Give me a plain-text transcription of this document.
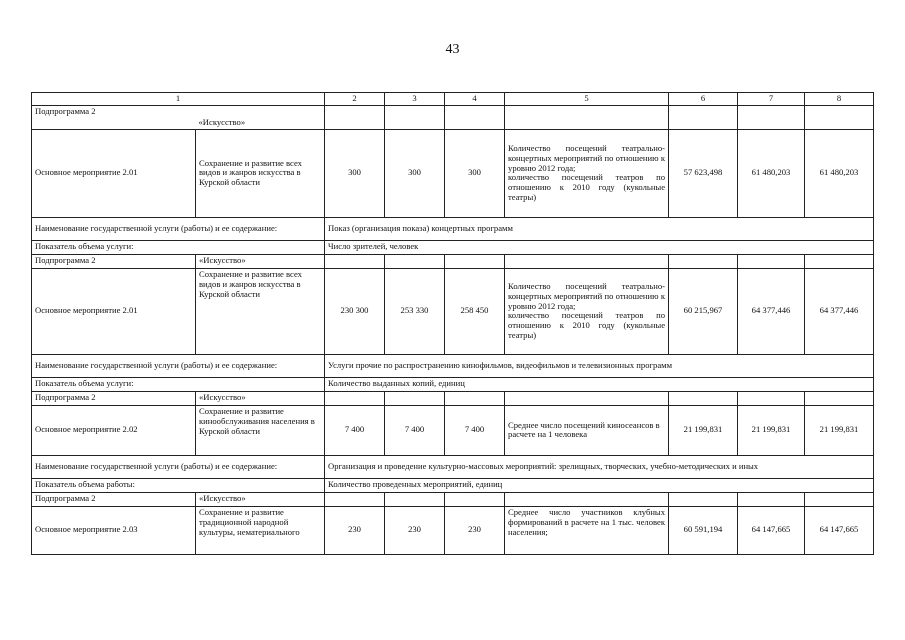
43
1		2	3	4	5	6	7	8
Подпрограмма 2	«Искусство»							
Основное мероприятие 2.01	Сохранение и развитие всех видов и жанров искусства в Курской области	300	300	300	Количество посещений театрально-концертных мероприятий по отношению к уровню 2012 года;
количество посещений театров по отношению к 2010 году (кукольные театры)	57 623,498	61 480,203	61 480,203
Наименование государственной услуги (работы) и ее содержание:		Показ (организация показа) концертных программ						
Показатель объема услуги:		Число зрителей, человек						
Подпрограмма 2	«Искусство»							
Основное мероприятие 2.01	Сохранение и развитие всех видов и жанров искусства в Курской области	230 300	253 330	258 450	Количество посещений театрально-концертных мероприятий по отношению к уровню 2012 года;
количество посещений театров по отношению к 2010 году (кукольные театры)	60 215,967	64 377,446	64 377,446
Наименование государственной услуги (работы) и ее содержание:		Услуги прочие по распространению кинофильмов, видеофильмов и телевизионных программ						
Показатель объема услуги:		Количество выданных копий, единиц						
Подпрограмма 2	«Искусство»							
Основное мероприятие 2.02	Сохранение и развитие кинообслуживания населения в Курской области	7 400	7 400	7 400	Среднее число посещений киносеансов в расчете на 1 человека	21 199,831	21 199,831	21 199,831
Наименование государственной услуги (работы) и ее содержание:		Организация и проведение культурно-массовых мероприятий: зрелищных, творческих, учебно-методических и иных						
Показатель объема работы:		Количество проведенных мероприятий, единиц						
Подпрограмма 2	«Искусство»							
Основное мероприятие 2.03	Сохранение и развитие традиционной народной культуры, нематериального	230	230	230	Среднее число участников клубных формирований в расчете на 1 тыс. человек населения;	60 591,194	64 147,665	64 147,665
